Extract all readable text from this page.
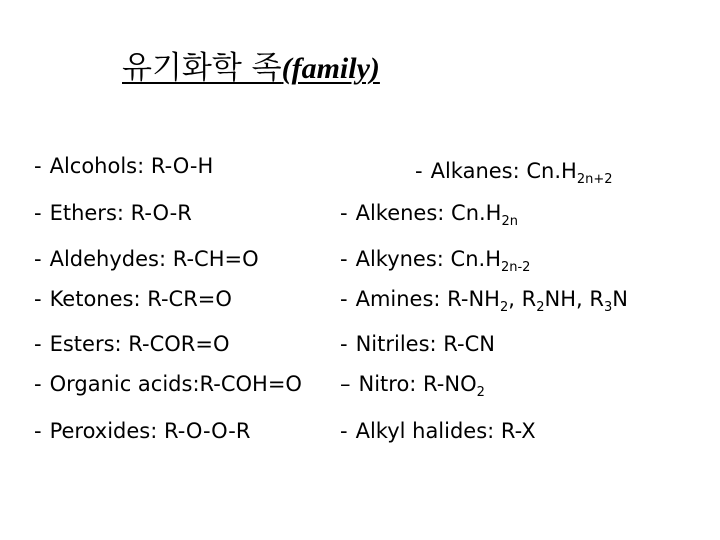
유기화학 족(family)
- Alcohols: R-O-H
- Ethers: R-O-R
- Aldehydes: R-CH=O
- Ketones: R-CR=O
- Esters: R-COR=O
- Organic acids:R-COH=O
- Peroxides: R-O-O-R
- Alkanes: $Cn.H_{2n+2}$
- Alkenes: $Cn.H_{2n}$
- Alkynes: $Cn.H_{2n-2}$
- Amines: $R-NH_2$, $R_2NH$, $R_3N$
- Nitriles: R-CN
– Nitro: $R-NO_2$
- Alkyl halides: R-X
